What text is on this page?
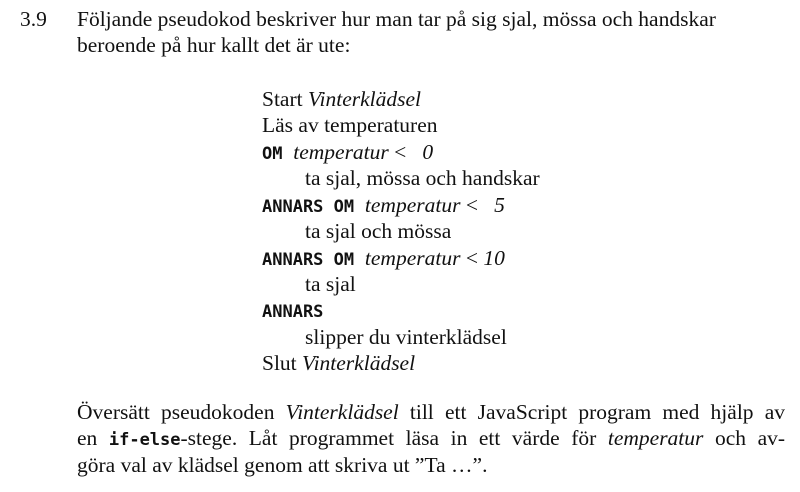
3.9 Följande pseudokod beskriver hur man tar på sig sjal, mössa och handskar
beroende på hur kallt det är ute:
Start Vinterklädsel
Läs av temperaturen
OM temperatur < 0
ta sjal, mössa och handskar
ANNARS OM temperatur < 5
ta sjal och mössa
ANNARS OM temperatur < 10
ta sjal
ANNARS
slipper du vinterklädsel
Slut Vinterklädsel
Översätt pseudokoden Vinterklädsel till ett JavaScript program med hjälp av
en if-else-stege. Låt programmet läsa in ett värde för temperatur och av-
göra val av klädsel genom att skriva ut ”Ta …”.
